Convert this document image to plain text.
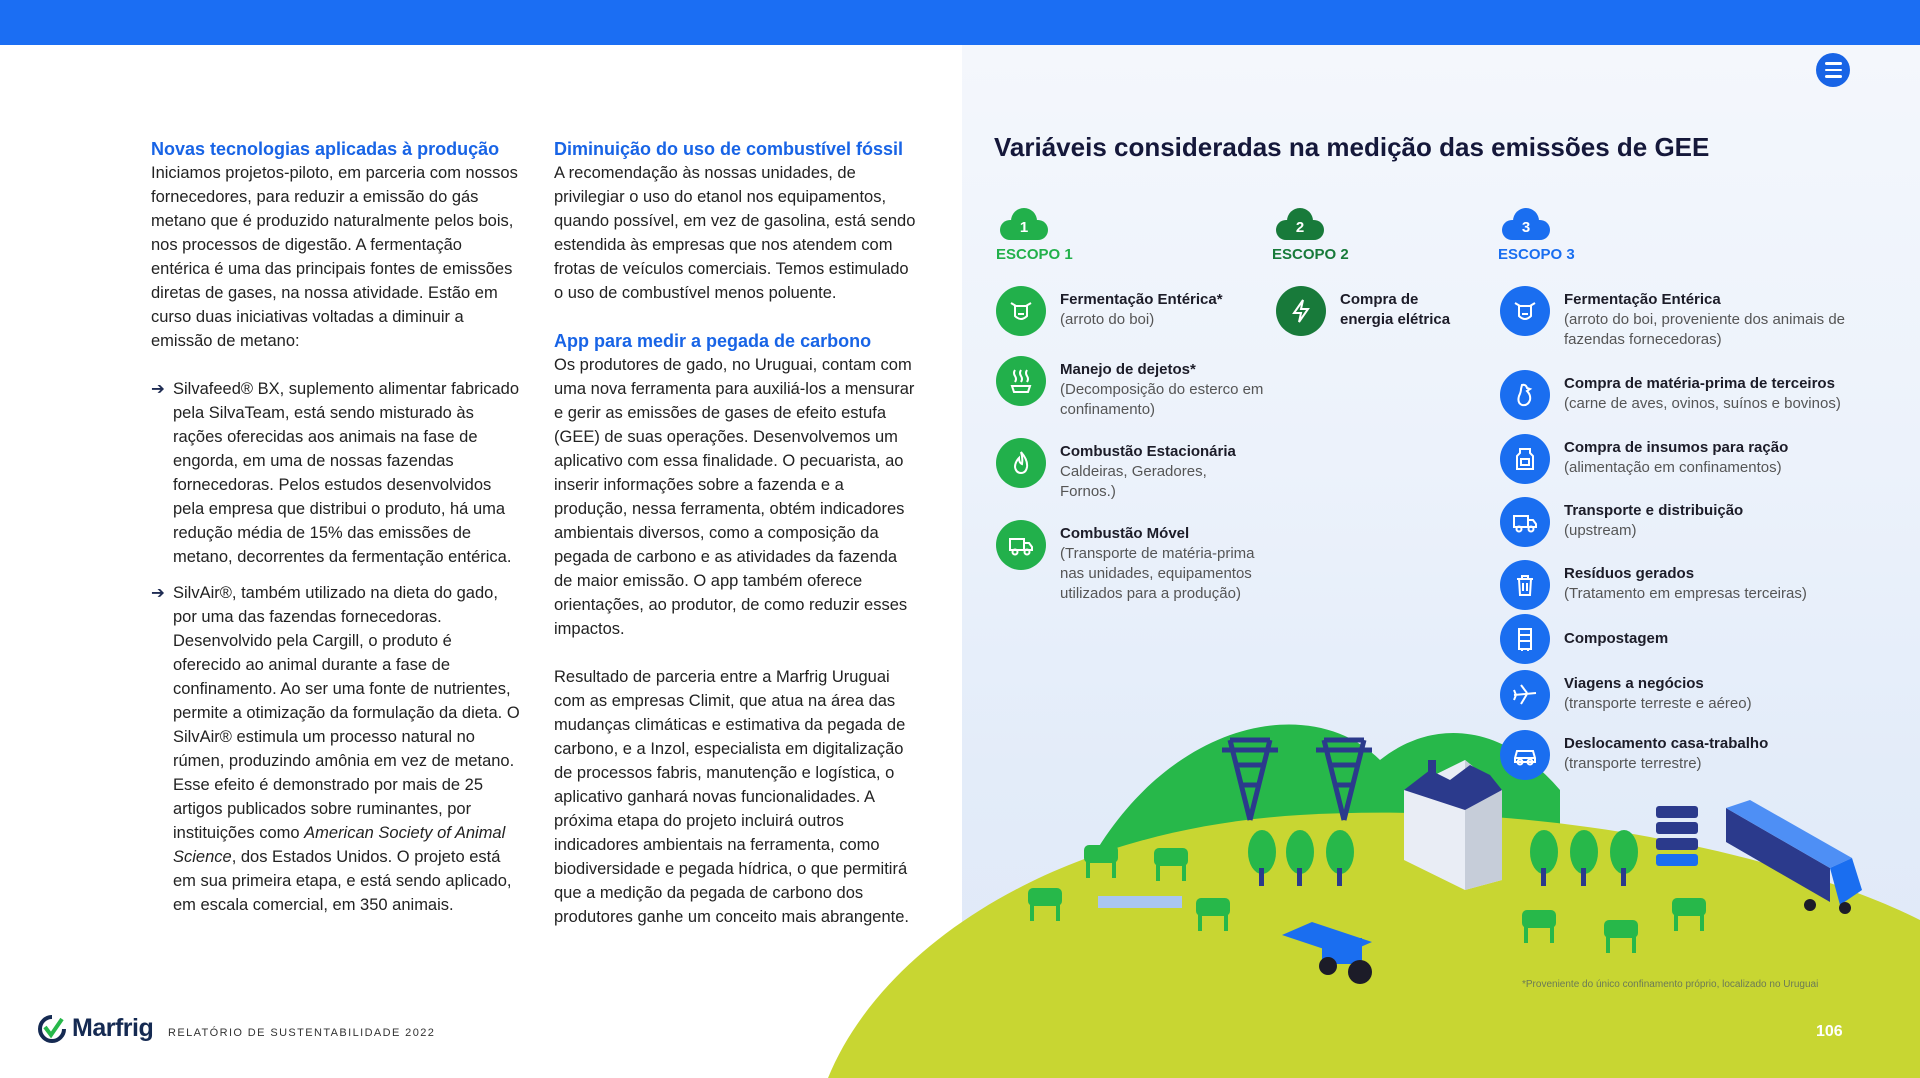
Novas tecnologias aplicadas à produção

Iniciamos projetos-piloto, em parceria com nossos fornecedores, para reduzir a emissão do gás metano que é produzido naturalmente pelos bois, nos processos de digestão. A fermentação entérica é uma das principais fontes de emissões diretas de gases, na nossa atividade. Estão em curso duas iniciativas voltadas a diminuir a emissão de metano:

➔ Silvafeed® BX, suplemento alimentar fabricado pela SilvaTeam, está sendo misturado às rações oferecidas aos animais na fase de engorda, em uma de nossas fazendas fornecedoras. Pelos estudos desenvolvidos pela empresa que distribui o produto, há uma redução média de 15% das emissões de metano, decorrentes da fermentação entérica.

➔ SilvAir®, também utilizado na dieta do gado, por uma das fazendas fornecedoras. Desenvolvido pela Cargill, o produto é oferecido ao animal durante a fase de confinamento. Ao ser uma fonte de nutrientes, permite a otimização da formulação da dieta. O SilvAir® estimula um processo natural no rúmen, produzindo amônia em vez de metano. Esse efeito é demonstrado por mais de 25 artigos publicados sobre ruminantes, por instituições como American Society of Animal Science, dos Estados Unidos. O projeto está em sua primeira etapa, e está sendo aplicado, em escala comercial, em 350 animais.

Diminuição do uso de combustível fóssil

A recomendação às nossas unidades, de privilegiar o uso do etanol nos equipamentos, quando possível, em vez de gasolina, está sendo estendida às empresas que nos atendem com frotas de veículos comerciais. Temos estimulado o uso de combustível menos poluente.

App para medir a pegada de carbono

Os produtores de gado, no Uruguai, contam com uma nova ferramenta para auxiliá-los a mensurar e gerir as emissões de gases de efeito estufa (GEE) de suas operações. Desenvolvemos um aplicativo com essa finalidade. O pecuarista, ao inserir informações sobre a fazenda e a produção, nessa ferramenta, obtém indicadores ambientais diversos, como a composição da pegada de carbono e as atividades da fazenda de maior emissão. O app também oferece orientações, ao produtor, de como reduzir esses impactos.

Resultado de parceria entre a Marfrig Uruguai com as empresas Climit, que atua na área das mudanças climáticas e estimativa da pegada de carbono, e a Inzol, especialista em digitalização de processos fabris, manutenção e logística, o aplicativo ganhará novas funcionalidades. A próxima etapa do projeto incluirá outros indicadores ambientais na ferramenta, como biodiversidade e pegada hídrica, o que permitirá que a medição da pegada de carbono dos produtores ganhe um conceito mais abrangente.

Variáveis consideradas na medição das emissões de GEE
1
ESCOPO 1
2
ESCOPO 2
3
ESCOPO 3
Fermentação Entérica*
(arroto do boi)
Manejo de dejetos*
(Decomposição do esterco em confinamento)
Combustão Estacionária
Caldeiras, Geradores, Fornos.)
Combustão Móvel
(Transporte de matéria-prima nas unidades, equipamentos utilizados para a produção)
Compra de energia elétrica
Fermentação Entérica
(arroto do boi, proveniente dos animais de fazendas fornecedoras)
Compra de matéria-prima de terceiros
(carne de aves, ovinos, suínos e bovinos)
Compra de insumos para ração
(alimentação em confinamentos)
Transporte e distribuição
(upstream)
Resíduos gerados
(Tratamento em empresas terceiras)
Compostagem
Viagens a negócios
(transporte terreste e aéreo)
Deslocamento casa-trabalho
(transporte terrestre)
*Proveniente do único confinamento próprio, localizado no Uruguai
106
Marfrig RELATÓRIO DE SUSTENTABILIDADE 2022
